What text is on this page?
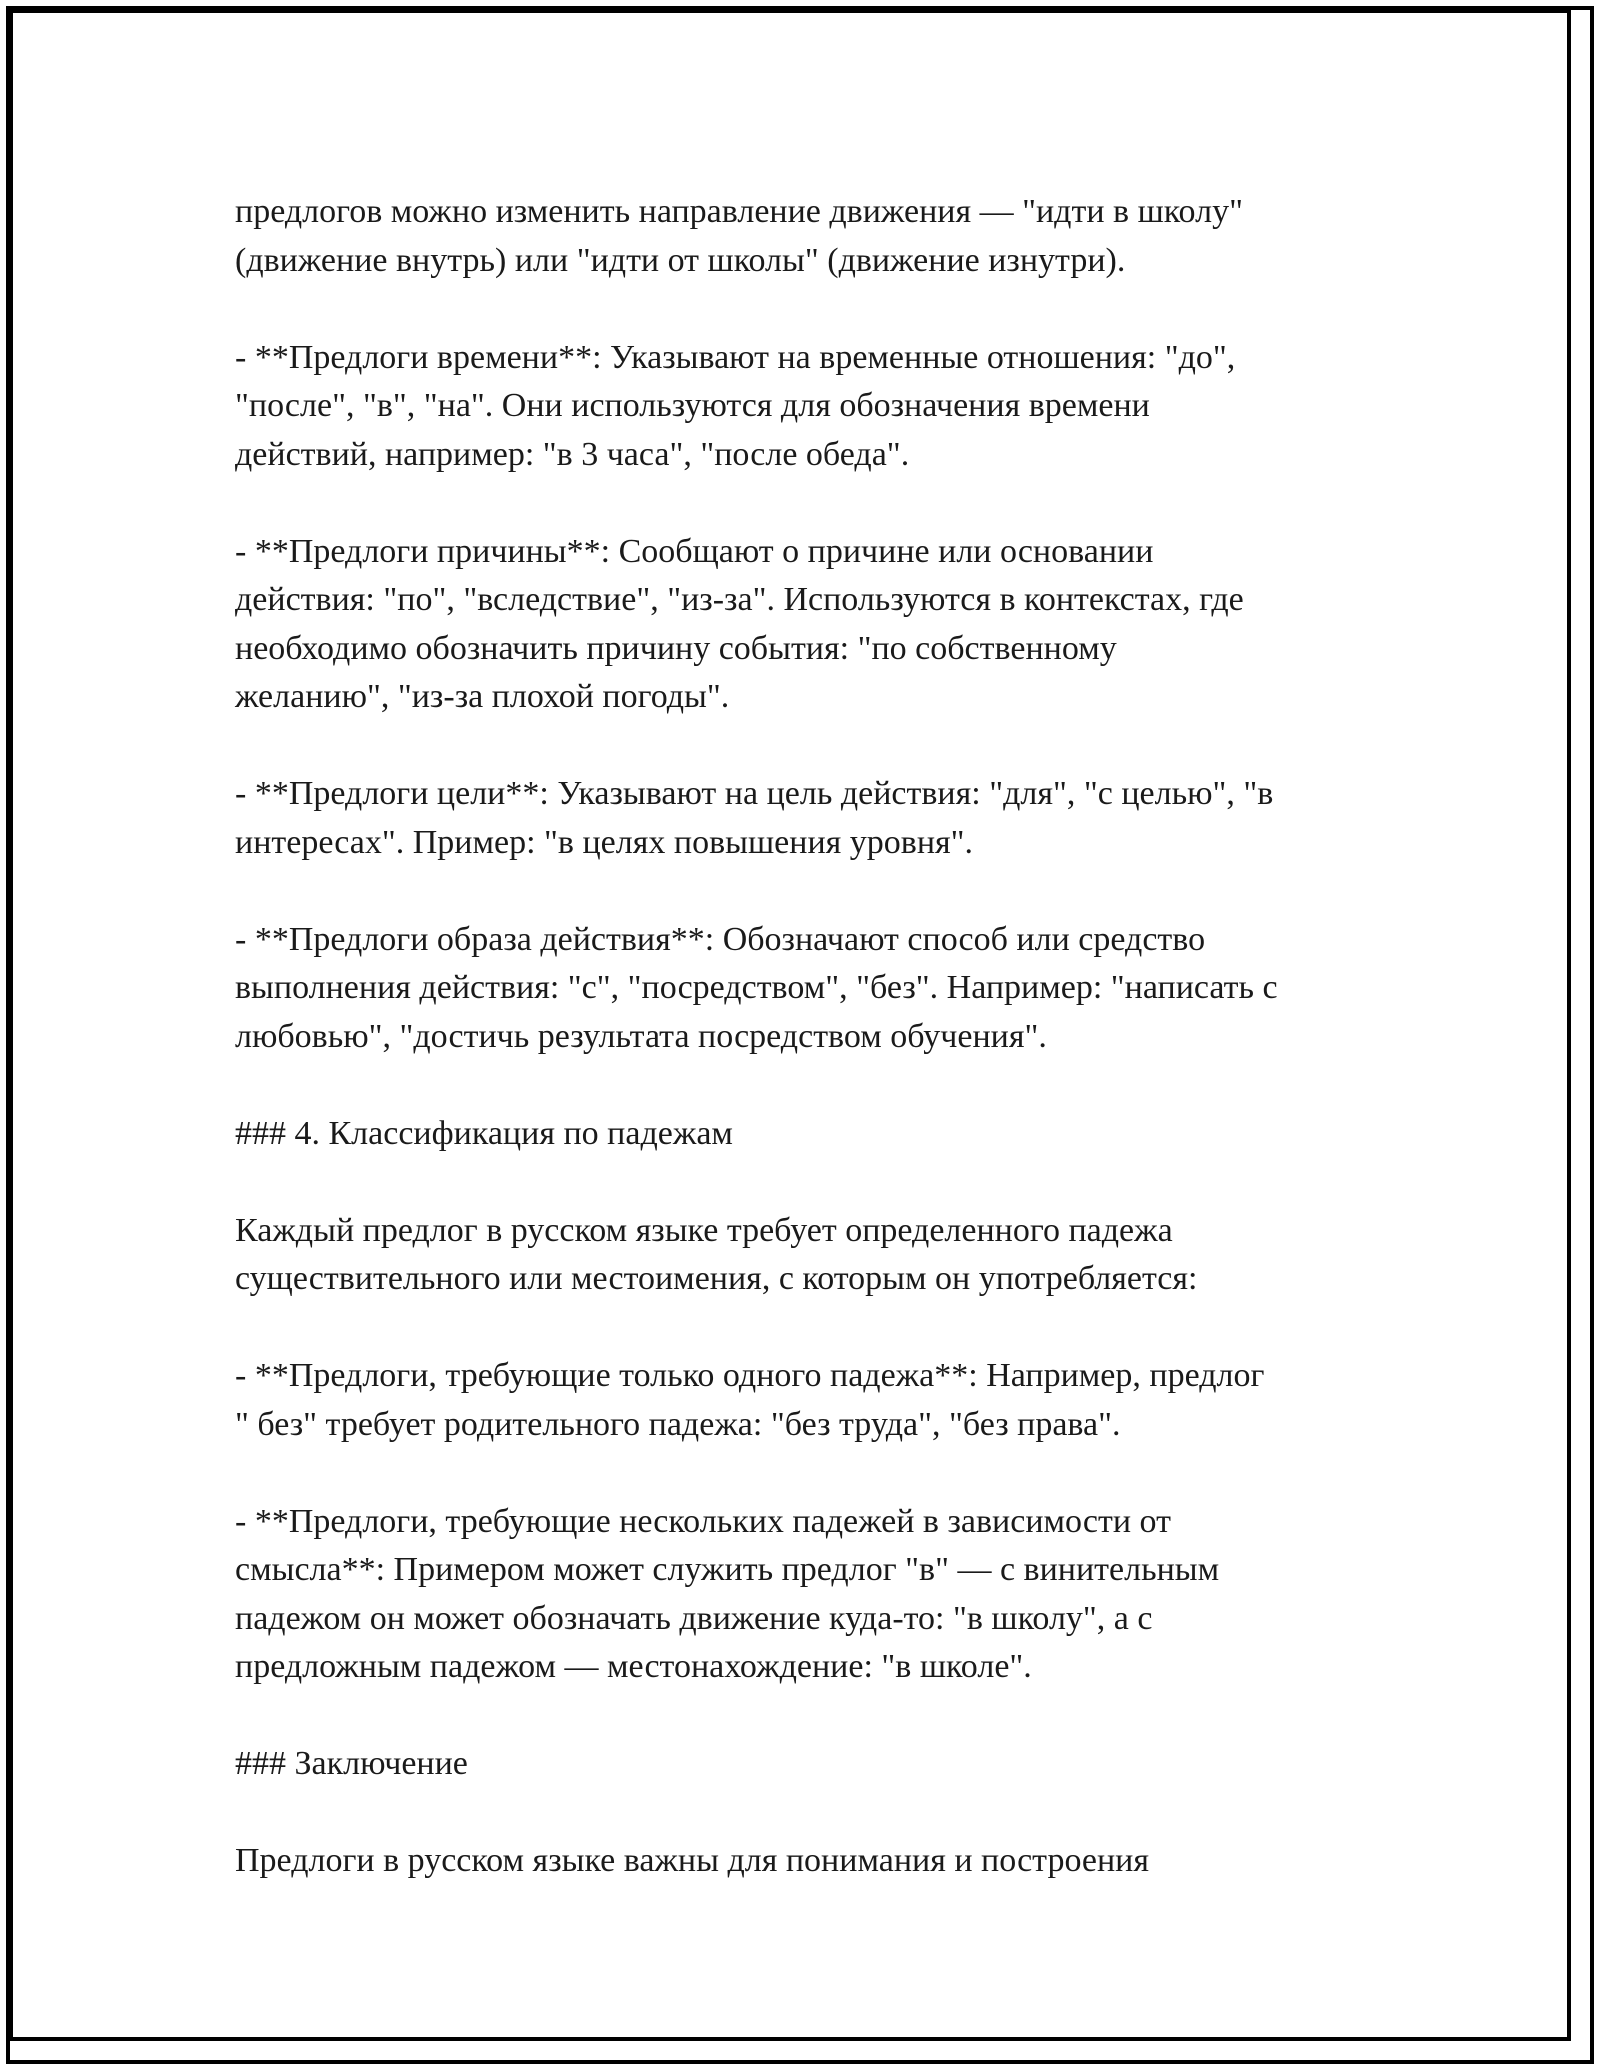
предлогов можно изменить направление движения — "идти в школу"
(движение внутрь) или "идти от школы" (движение изнутри).

- **Предлоги времени**: Указывают на временные отношения: "до",
"после", "в", "на". Они используются для обозначения времени
действий, например: "в 3 часа", "после обеда".

- **Предлоги причины**: Сообщают о причине или основании
действия: "по", "вследствие", "из-за". Используются в контекстах, где
необходимо обозначить причину события: "по собственному
желанию", "из-за плохой погоды".

- **Предлоги цели**: Указывают на цель действия: "для", "с целью", "в
интересах". Пример: "в целях повышения уровня".

- **Предлоги образа действия**: Обозначают способ или средство
выполнения действия: "с", "посредством", "без". Например: "написать с
любовью", "достичь результата посредством обучения".

### 4. Классификация по падежам

Каждый предлог в русском языке требует определенного падежа
существительного или местоимения, с которым он употребляется:

- **Предлоги, требующие только одного падежа**: Например, предлог
" без" требует родительного падежа: "без труда", "без права".

- **Предлоги, требующие нескольких падежей в зависимости от
смысла**: Примером может служить предлог "в" — с винительным
падежом он может обозначать движение куда-то: "в школу", а с
предложным падежом — местонахождение: "в школе".

### Заключение

Предлоги в русском языке важны для понимания и построения
